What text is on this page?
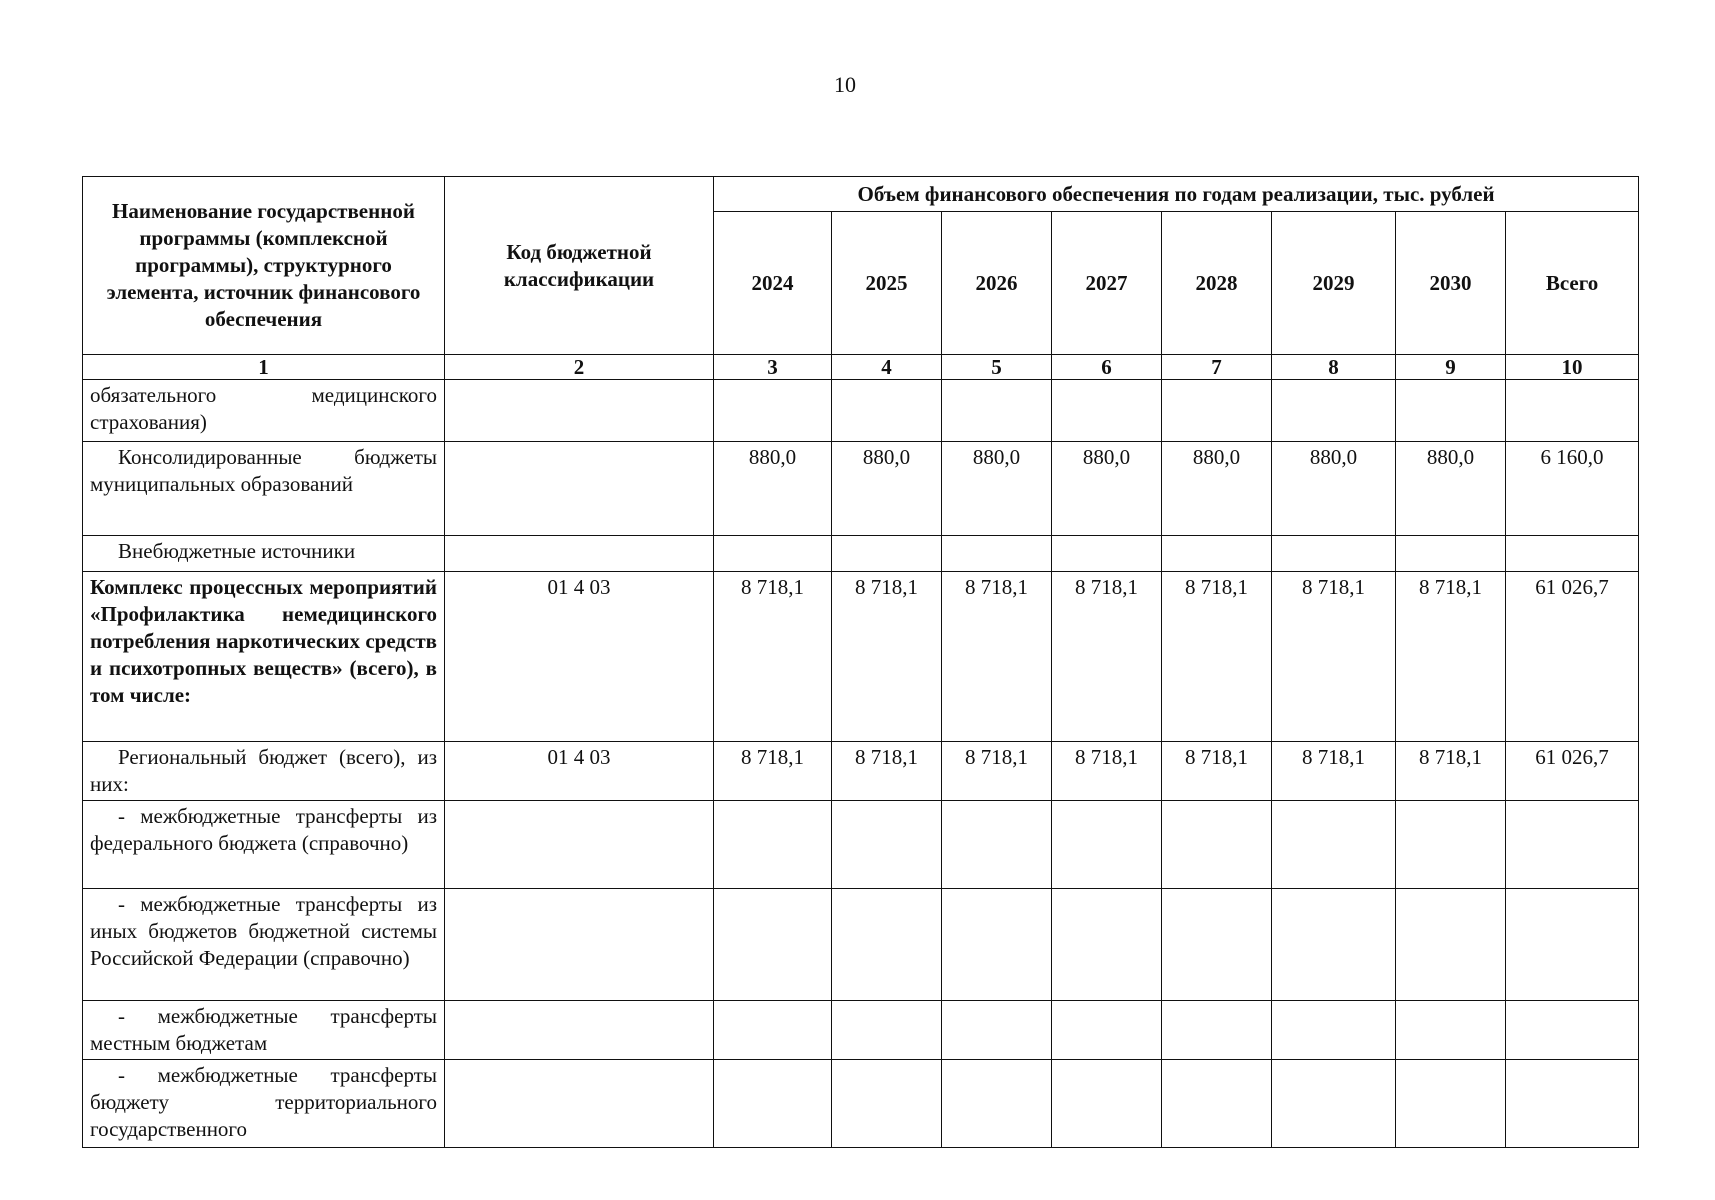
10
Наименование государственной программы (комплексной программы), структурного элемента, источник финансового обеспечения	Код бюджетной классификации	Объем финансового обеспечения по годам реализации, тыс. рублей							
		2024	2025	2026	2027	2028	2029	2030	Всего
1	2	3	4	5	6	7	8	9	10
обязательного медицинского страхования)									
Консолидированные бюджеты муниципальных образований		880,0	880,0	880,0	880,0	880,0	880,0	880,0	6 160,0
Внебюджетные источники									
Комплекс процессных мероприятий «Профилактика немедицинского потребления наркотических средств и психотропных веществ» (всего), в том числе:	01 4 03	8 718,1	8 718,1	8 718,1	8 718,1	8 718,1	8 718,1	8 718,1	61 026,7
Региональный бюджет (всего), из них:	01 4 03	8 718,1	8 718,1	8 718,1	8 718,1	8 718,1	8 718,1	8 718,1	61 026,7
- межбюджетные трансферты из федерального бюджета (справочно)									
- межбюджетные трансферты из иных бюджетов бюджетной системы Российской Федерации (справочно)									
- межбюджетные трансферты местным бюджетам									
- межбюджетные трансферты бюджету территориального государственного									
